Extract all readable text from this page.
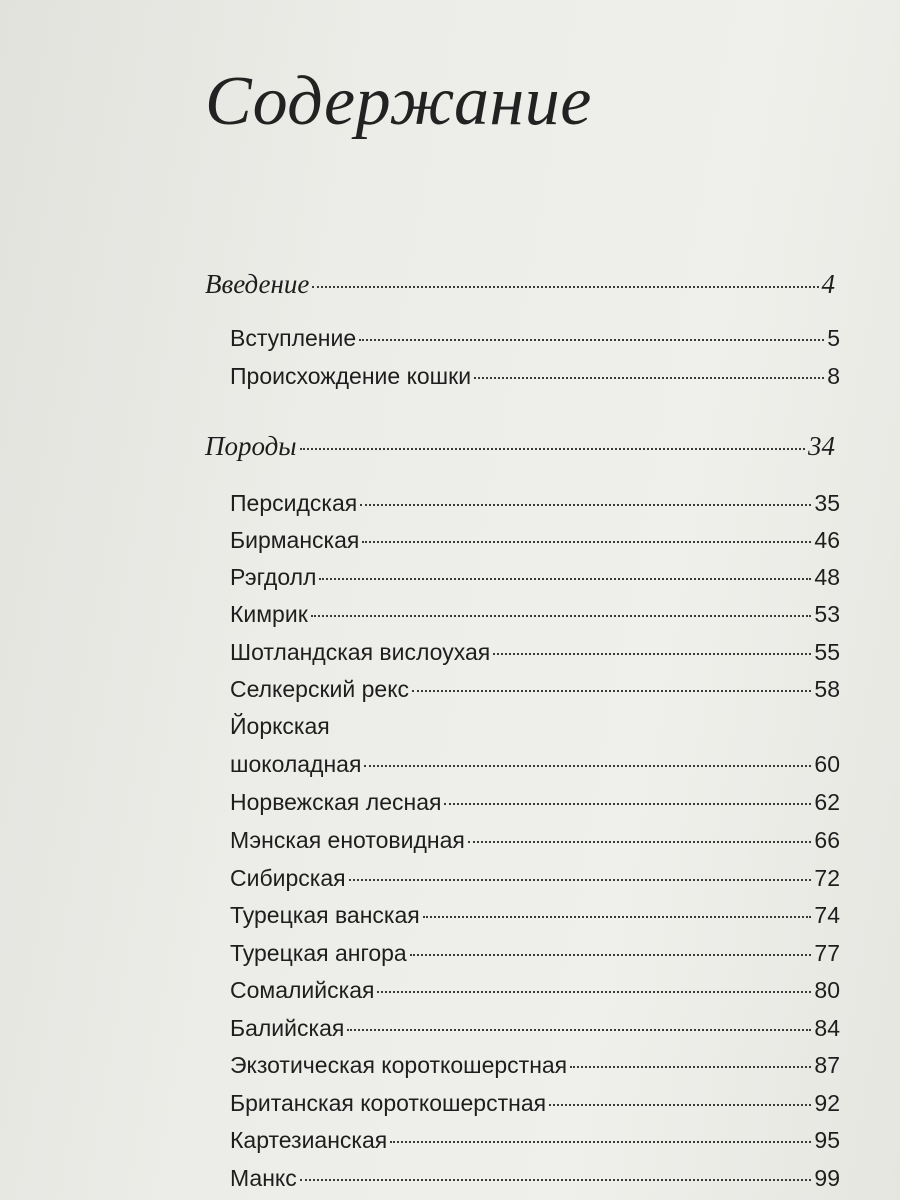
Содержание
Введение	4
Вступление	5
Происхождение кошки	8
Породы	34
Персидская	35
Бирманская	46
Рэгдолл	48
Кимрик	53
Шотландская вислоухая	55
Селкерский рекс	58
Йоркская
шоколадная	60
Норвежская лесная	62
Мэнская енотовидная	66
Сибирская	72
Турецкая ванская	74
Турецкая ангора	77
Сомалийская	80
Балийская	84
Экзотическая короткошерстная	87
Британская короткошерстная	92
Картезианская	95
Манкс	99
